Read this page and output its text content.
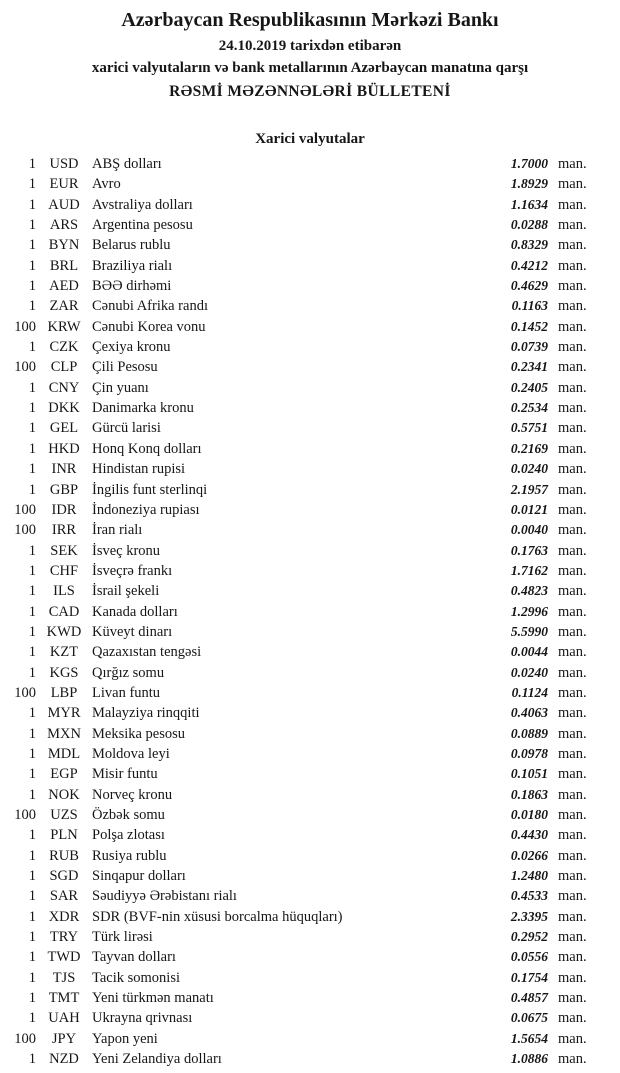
Azərbaycan Respublikasının Mərkəzi Bankı
24.10.2019 tarixdən etibarən
xarici valyutaların və bank metallarının Azərbaycan manatına qarşı
RƏSMİ MƏZƏNNƏLƏRİ BÜLLETENİ
Xarici valyutalar
1 USD ABŞ dolları	1.7000 man.
1 EUR Avro	1.8929 man.
1 AUD Avstraliya dolları	1.1634 man.
1 ARS Argentina pesosu	0.0288 man.
1 BYN Belarus rublu	0.8329 man.
1 BRL Braziliya rialı	0.4212 man.
1 AED BƏƏ dirhəmi	0.4629 man.
1 ZAR Cənubi Afrika randı	0.1163 man.
100 KRW Cənubi Korea vonu	0.1452 man.
1 CZK Çexiya kronu	0.0739 man.
100	CLP	Çili Pesosu	0.2341 man.
1 CNY Çin yuanı	0.2405 man.
1 DKK Danimarka kronu	0.2534 man.
1 GEL Gürcü larisi	0.5751 man.
1 HKD Honq Konq dolları	0.2169 man.
1	INR	Hindistan rupisi	0.0240 man.
1 GBP İngilis funt sterlinqi	2.1957 man.
100	IDR	İndoneziya rupiası	0.0121 man.
100	IRR	İran rialı	0.0040 man.
1 SEK İsveç kronu	0.1763 man.
1 CHF İsveçrə frankı	1.7162 man.
1	ILS	İsrail şekeli	0.4823 man.
1 CAD Kanada dolları	1.2996 man.
1 KWD Küveyt dinarı	5.5990 man.
1 KZT Qazaxıstan tengəsi	0.0044 man.
1 KGS Qırğız somu	0.0240 man.
100	LBP	Livan funtu	0.1124 man.
1 MYR Malayziya rinqqiti	0.4063 man.
1 MXN Meksika pesosu	0.0889 man.
1 MDL Moldova leyi	0.0978 man.
1 EGP Misir funtu	0.1051 man.
1 NOK Norveç kronu	0.1863 man.
100 UZS Özbək somu	0.0180 man.
1 PLN Polşa zlotası	0.4430 man.
1 RUB Rusiya rublu	0.0266 man.
1 SGD Sinqapur dolları	1.2480 man.
1 SAR Səudiyyə Ərəbistanı rialı	0.4533 man.
1 XDR SDR (BVF-nin xüsusi borcalma hüquqları)	2.3395 man.
1 TRY Türk lirəsi	0.2952 man.
1 TWD Tayvan dolları	0.0556 man.
1	TJS	Tacik somonisi	0.1754 man.
1 TMT Yeni türkmən manatı	0.4857 man.
1 UAH Ukrayna qrivnası	0.0675 man.
100	JPY	Yapon yeni	1.5654 man.
1 NZD Yeni Zelandiya dolları	1.0886 man.
